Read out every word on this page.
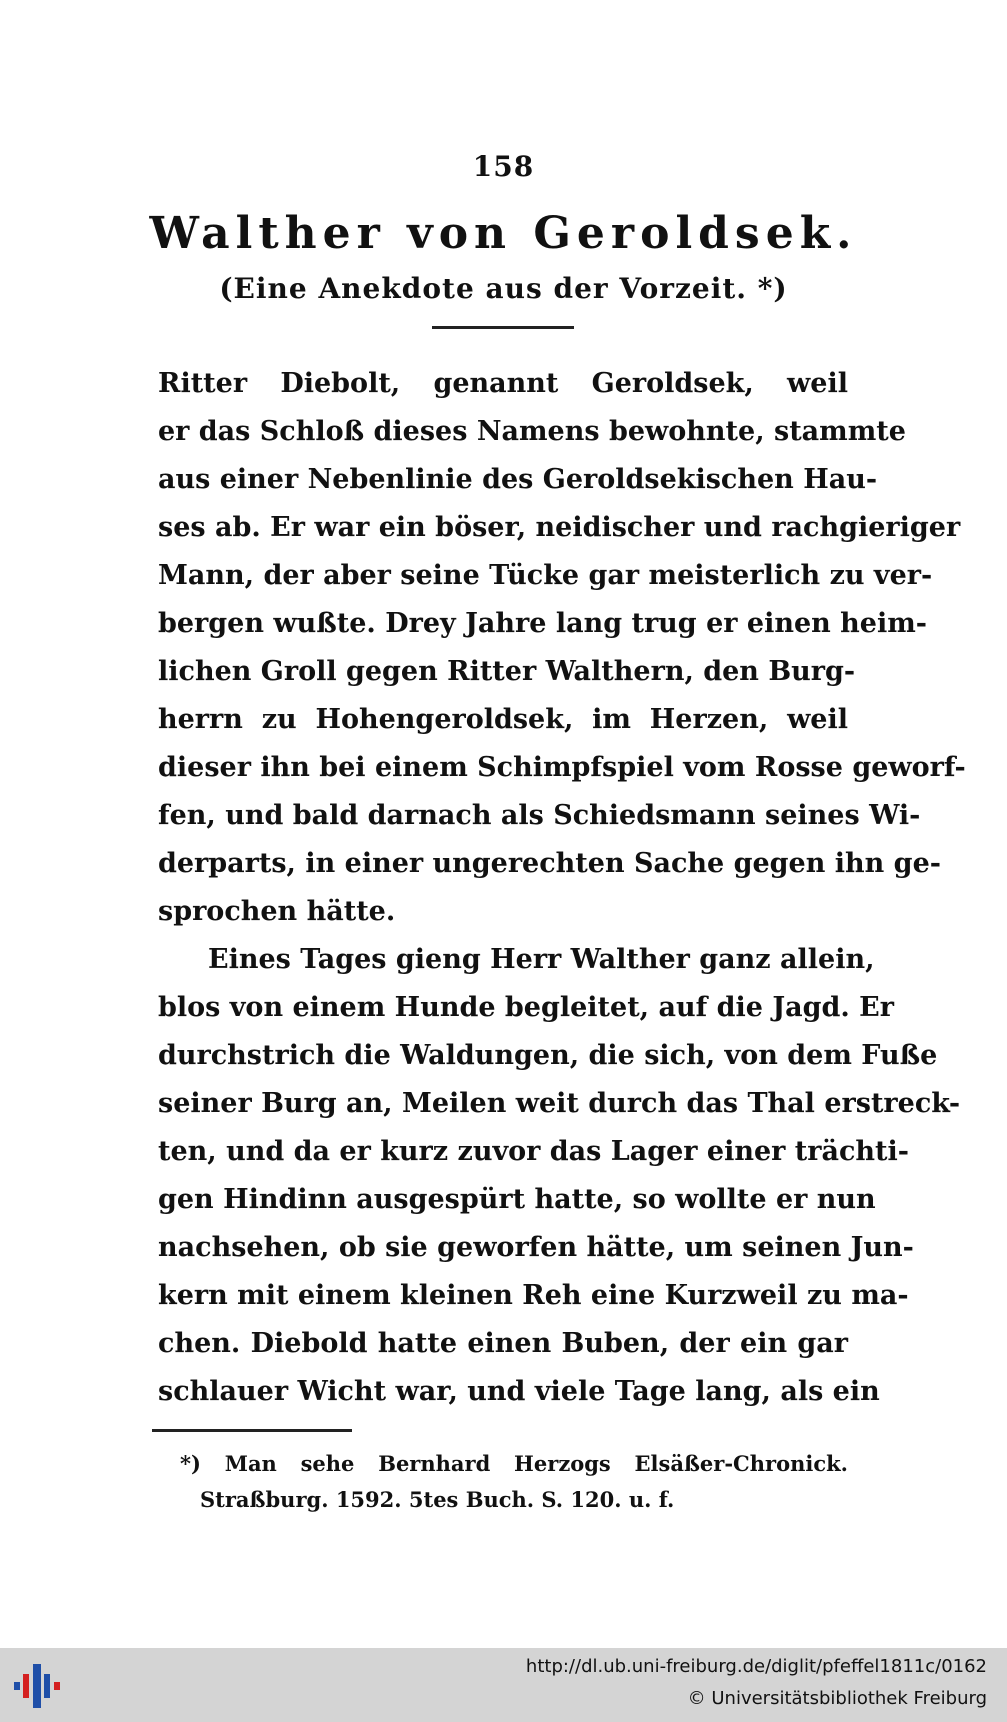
158
Walther von Geroldsek.
(Eine Anekdote aus der Vorzeit. *)
Ritter Diebolt, genannt Geroldsek, weil
er das Schloß dieses Namens bewohnte, stammte
aus einer Nebenlinie des Geroldsekischen Hau-
ses ab. Er war ein böser, neidischer und rachgieriger
Mann, der aber seine Tücke gar meisterlich zu ver-
bergen wußte. Drey Jahre lang trug er einen heim-
lichen Groll gegen Ritter Walthern, den Burg-
herrn zu Hohengeroldsek, im Herzen, weil
dieser ihn bei einem Schimpfspiel vom Rosse geworf-
fen, und bald darnach als Schiedsmann seines Wi-
derparts, in einer ungerechten Sache gegen ihn ge-
sprochen hätte.
Eines Tages gieng Herr Walther ganz allein,
blos von einem Hunde begleitet, auf die Jagd. Er
durchstrich die Waldungen, die sich, von dem Fuße
seiner Burg an, Meilen weit durch das Thal erstreck-
ten, und da er kurz zuvor das Lager einer trächti-
gen Hindinn ausgespürt hatte, so wollte er nun
nachsehen, ob sie geworfen hätte, um seinen Jun-
kern mit einem kleinen Reh eine Kurzweil zu ma-
chen. Diebold hatte einen Buben, der ein gar
schlauer Wicht war, und viele Tage lang, als ein
*) Man sehe Bernhard Herzogs Elsäßer-Chronick.
Straßburg. 1592. 5tes Buch. S. 120. u. f.
http://dl.ub.uni-freiburg.de/diglit/pfeffel1811c/0162
© Universitätsbibliothek Freiburg
